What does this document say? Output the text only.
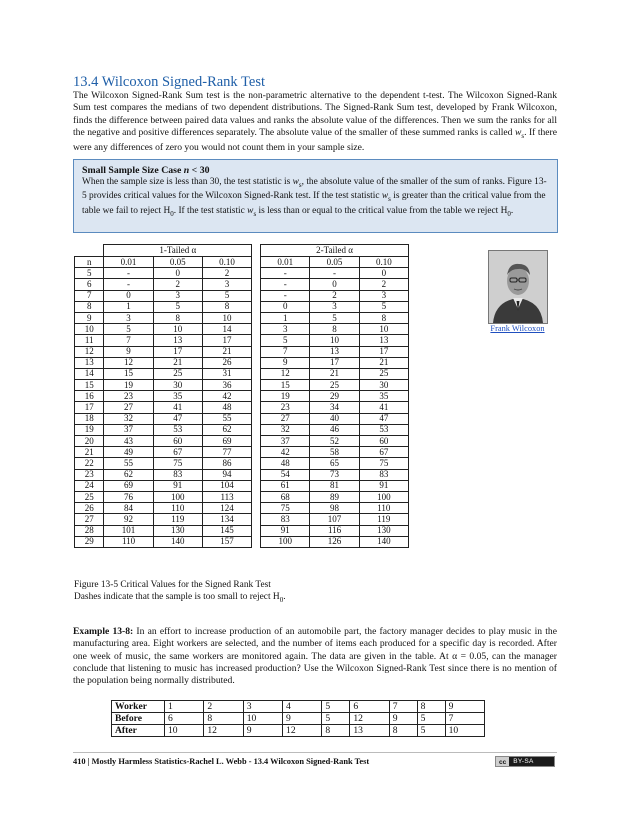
13.4 Wilcoxon Signed-Rank Test

The Wilcoxon Signed-Rank Sum test is the non-parametric alternative to the dependent t-test. The Wilcoxon Signed-Rank Sum test compares the medians of two dependent distributions. The Signed-Rank Sum test, developed by Frank Wilcoxon, finds the difference between paired data values and ranks the absolute value of the differences. Then we sum the ranks for all the negative and positive differences separately. The absolute value of the smaller of these summed ranks is called $w_s$. If there were any differences of zero you would not count them in your sample size.

Small Sample Size Case n < 30

When the sample size is less than 30, the test statistic is $w_s$, the absolute value of the smaller of the sum of ranks. Figure 13-5 provides critical values for the Wilcoxon Signed-Rank test. If the test statistic $w_s$ is greater than the critical value from the table we fail to reject $H_0$. If the test statistic $w_s$ is less than or equal to the critical value from the table we reject $H_0$.

	1-Tailed α				2-Tailed α		
n	0.01	0.05	0.10		0.01	0.05	0.10
5	-	0	2		-	-	0
6	-	2	3		-	0	2
7	0	3	5		-	2	3
8	1	5	8		0	3	5
9	3	8	10		1	5	8
10	5	10	14		3	8	10
11	7	13	17		5	10	13
12	9	17	21		7	13	17
13	12	21	26		9	17	21
14	15	25	31		12	21	25
15	19	30	36		15	25	30
16	23	35	42		19	29	35
17	27	41	48		23	34	41
18	32	47	55		27	40	47
19	37	53	62		32	46	53
20	43	60	69		37	52	60
21	49	67	77		42	58	67
22	55	75	86		48	65	75
23	62	83	94		54	73	83
24	69	91	104		61	81	91
25	76	100	113		68	89	100
26	84	110	124		75	98	110
27	92	119	134		83	107	119
28	101	130	145		91	116	130
29	110	140	157		100	126	140
Figure 13-5 Critical Values for the Signed Rank Test
Dashes indicate that the sample is too small to reject $H_0$.
Frank Wilcoxon

Example 13-8: In an effort to increase production of an automobile part, the factory manager decides to play music in the manufacturing area. Eight workers are selected, and the number of items each produced for a specific day is recorded. After one week of music, the same workers are monitored again. The data are given in the table. At α = 0.05, can the manager conclude that listening to music has increased production? Use the Wilcoxon Signed-Rank Test since there is no mention of the population being normally distributed.

Worker	1	2	3	4	5	6	7	8	9
Before	6	8	10	9	5	12	9	5	7
After	10	12	9	12	8	13	8	5	10
410 | Mostly Harmless Statistics-Rachel L. Webb - 13.4 Wilcoxon Signed-Rank Test	cc	BY-SA
